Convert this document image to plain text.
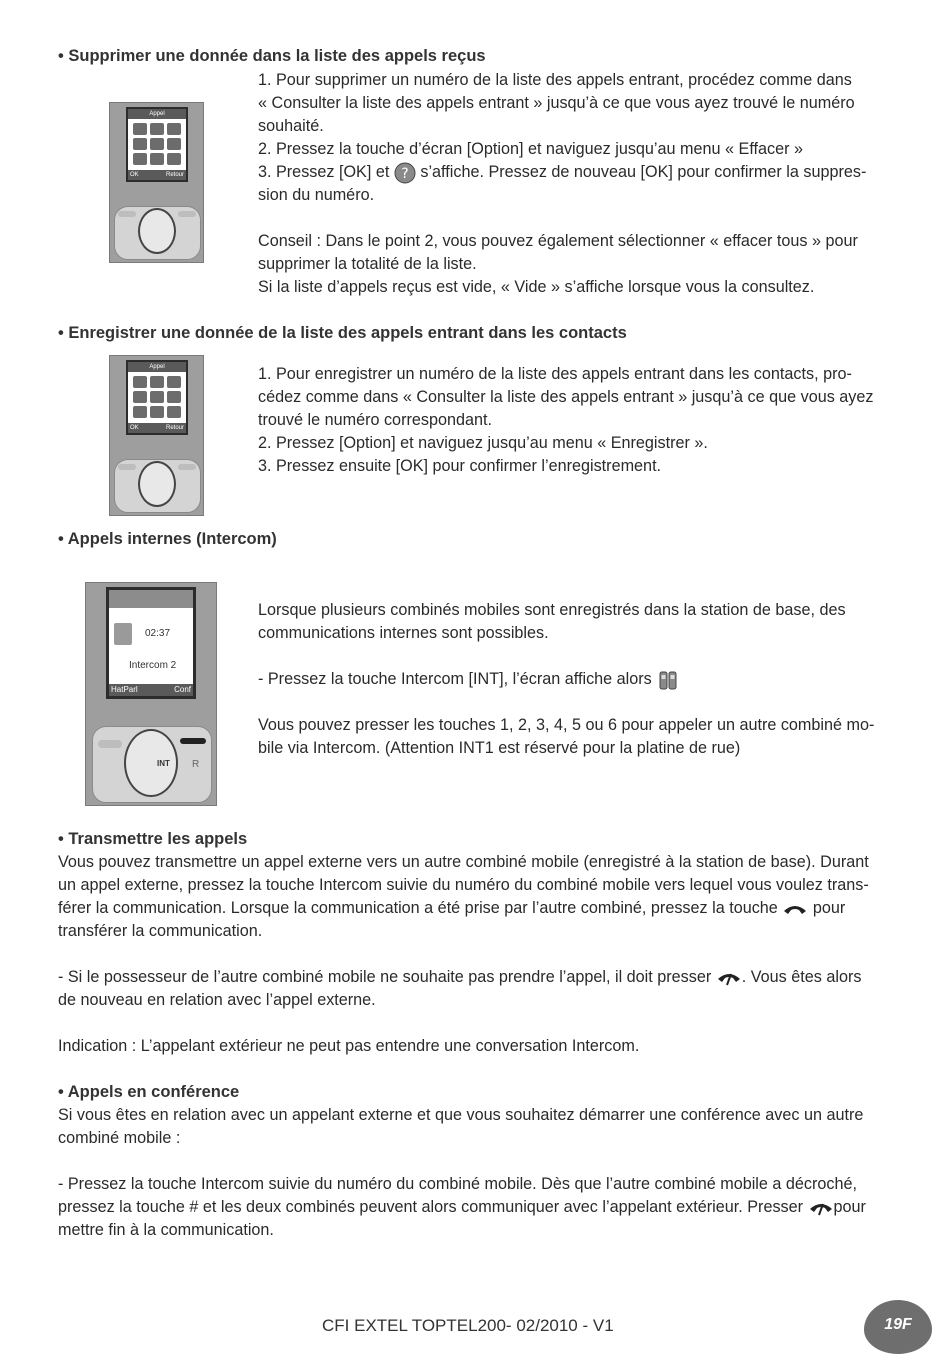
• Supprimer une donnée dans la liste des appels reçus

Appel
OK	Retour
1. Pour supprimer un numéro de la liste des appels entrant, procédez comme dans
« Consulter la liste des appels entrant » jusqu’à ce que vous ayez trouvé le numéro
souhaité.
2. Pressez la touche d’écran [Option] et naviguez jusqu’au menu « Effacer »
3. Pressez [OK] et ? s’affiche. Pressez de nouveau [OK] pour confirmer la suppres-
sion du numéro.

Conseil : Dans le point 2, vous pouvez également sélectionner « effacer tous » pour
supprimer la totalité de la liste.
Si la liste d’appels reçus est vide, « Vide » s’affiche lorsque vous la consultez.

• Enregistrer une donnée de la liste des appels entrant dans les contacts

Appel
OK	Retour
1. Pour enregistrer un numéro de la liste des appels entrant dans les contacts, pro-
cédez comme dans « Consulter la liste des appels entrant » jusqu’à ce que vous ayez
trouvé le numéro correspondant.
2. Pressez [Option] et naviguez jusqu’au menu « Enregistrer ».
3. Pressez ensuite [OK] pour confirmer l’enregistrement.

• Appels internes (Intercom)

02:37
Intercom 2
HatParl	Conf
INT R
Lorsque plusieurs combinés mobiles sont enregistrés dans la station de base, des
communications internes sont possibles.

- Pressez la touche Intercom [INT], l’écran affiche alors

Vous pouvez presser les touches 1, 2, 3, 4, 5 ou 6 pour appeler un autre combiné mo-
bile via Intercom. (Attention INT1 est réservé pour la platine de rue)
• Transmettre les appels
Vous pouvez transmettre un appel externe vers un autre combiné mobile (enregistré à la station de base). Durant
un appel externe, pressez la touche Intercom suivie du numéro du combiné mobile vers lequel vous voulez trans-
férer la communication. Lorsque la communication a été prise par l’autre combiné, pressez la touche pour
transférer la communication.

- Si le possesseur de l’autre combiné mobile ne souhaite pas prendre l’appel, il doit presser . Vous êtes alors
de nouveau en relation avec l’appel externe.

Indication : L’appelant extérieur ne peut pas entendre une conversation Intercom.

• Appels en conférence
Si vous êtes en relation avec un appelant externe et que vous souhaitez démarrer une conférence avec un autre
combiné mobile :

- Pressez la touche Intercom suivie du numéro du combiné mobile. Dès que l’autre combiné mobile a décroché,
pressez la touche # et les deux combinés peuvent alors communiquer avec l’appelant extérieur. Presser pour
mettre fin à la communication.
CFI EXTEL TOPTEL200- 02/2010 - V1	19F
